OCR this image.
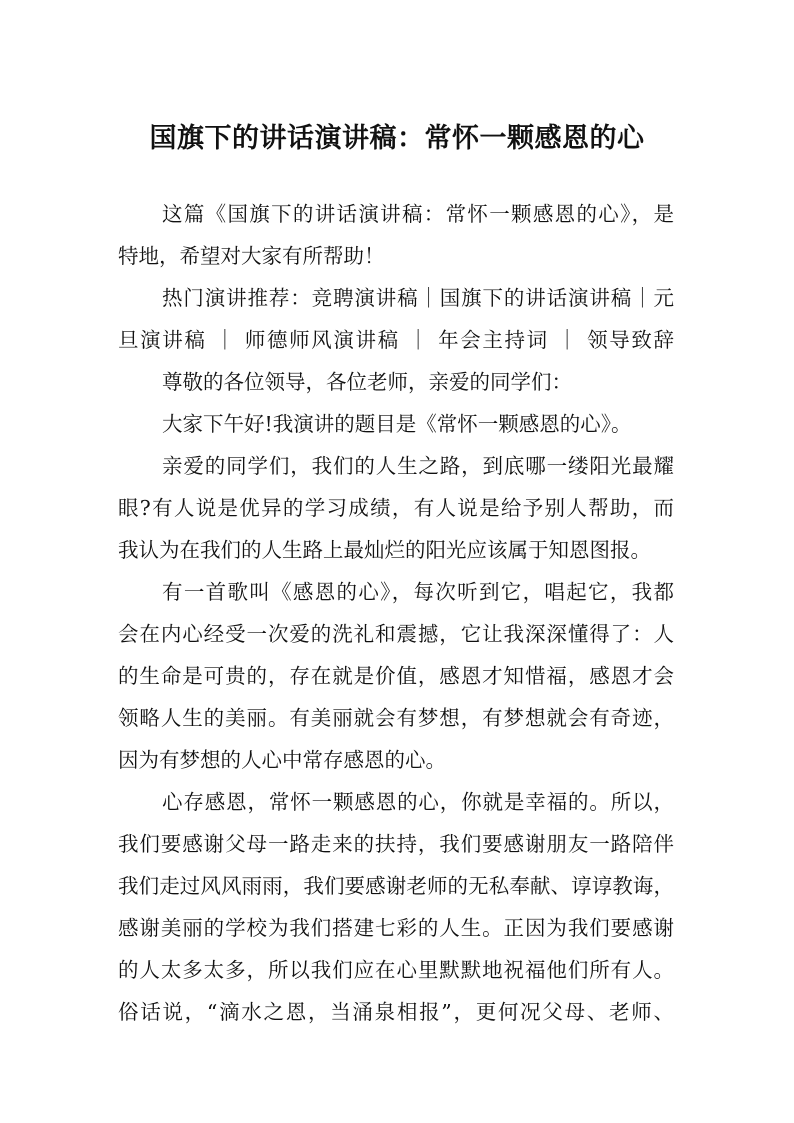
国旗下的讲话演讲稿：常怀一颗感恩的心
这篇《国旗下的讲话演讲稿：常怀一颗感恩的心》，是
特地，希望对大家有所帮助！
热门演讲推荐：竞聘演讲稿｜国旗下的讲话演讲稿｜元
旦演讲稿 ｜ 师德师风演讲稿 ｜ 年会主持词 ｜ 领导致辞
尊敬的各位领导，各位老师，亲爱的同学们：
大家下午好!我演讲的题目是《常怀一颗感恩的心》。
亲爱的同学们，我们的人生之路，到底哪一缕阳光最耀
眼?有人说是优异的学习成绩，有人说是给予别人帮助，而
我认为在我们的人生路上最灿烂的阳光应该属于知恩图报。
有一首歌叫《感恩的心》，每次听到它，唱起它，我都
会在内心经受一次爱的洗礼和震撼，它让我深深懂得了：人
的生命是可贵的，存在就是价值，感恩才知惜福，感恩才会
领略人生的美丽。有美丽就会有梦想，有梦想就会有奇迹，
因为有梦想的人心中常存感恩的心。
心存感恩，常怀一颗感恩的心，你就是幸福的。所以，
我们要感谢父母一路走来的扶持，我们要感谢朋友一路陪伴
我们走过风风雨雨，我们要感谢老师的无私奉献、谆谆教诲，
感谢美丽的学校为我们搭建七彩的人生。正因为我们要感谢
的人太多太多，所以我们应在心里默默地祝福他们所有人。
俗话说，“滴水之恩，当涌泉相报”，更何况父母、老师、
